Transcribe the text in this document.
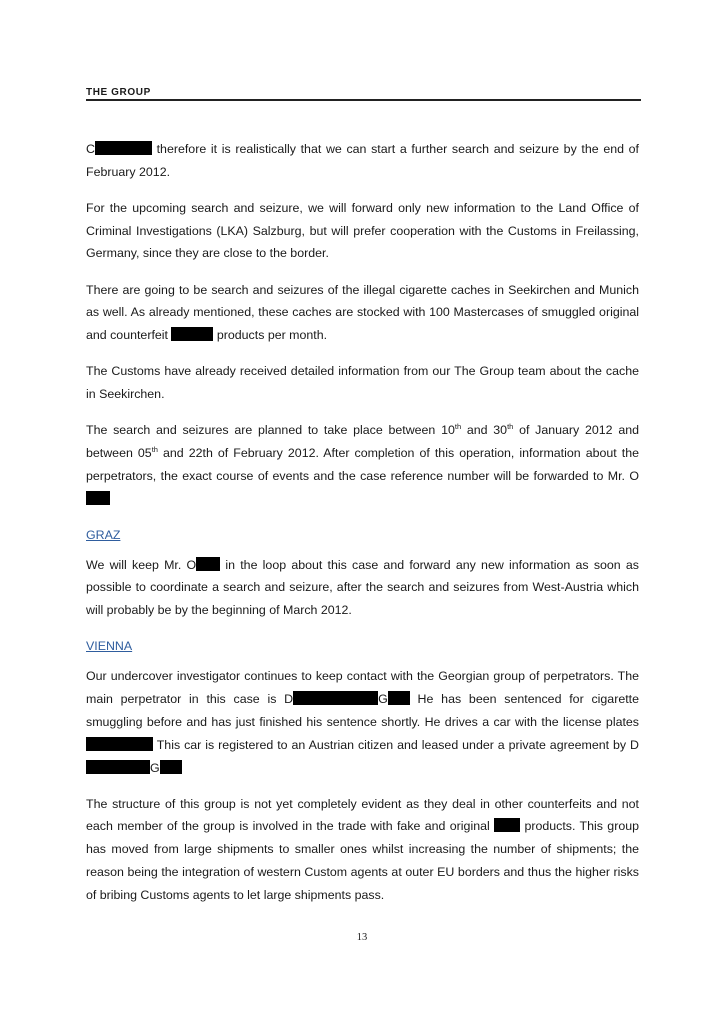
THE GROUP

C	therefore it is realistically that we can start a further search and seizure by the end of February 2012.

For the upcoming search and seizure, we will forward only new information to the Land Office of Criminal Investigations (LKA) Salzburg, but will prefer cooperation with the Customs in Freilassing, Germany, since they are close to the border.

There are going to be search and seizures of the illegal cigarette caches in Seekirchen and Munich as well. As already mentioned, these caches are stocked with 100 Mastercases of smuggled original and counterfeit	products per month.

The Customs have already received detailed information from our The Group team about the cache in Seekirchen.

The search and seizures are planned to take place between 10th and 30th of January 2012 and between 05th and 22th of February 2012. After completion of this operation, information about the perpetrators, the exact course of events and the case reference number will be forwarded to Mr. O

GRAZ

We will keep Mr. O in the loop about this case and forward any new information as soon as possible to coordinate a search and seizure, after the search and seizures from West-Austria which will probably be by the beginning of March 2012.

VIENNA

Our undercover investigator continues to keep contact with the Georgian group of perpetrators. The main perpetrator in this case is D	G He has been sentenced for cigarette smuggling before and has just finished his sentence shortly. He drives a car with the license plates  This car is registered to an Austrian citizen and leased under a private agreement by DG

The structure of this group is not yet completely evident as they deal in other counterfeits and not each member of the group is involved in the trade with fake and original  products. This group has moved from large shipments to smaller ones whilst increasing the number of shipments; the reason being the integration of western Custom agents at outer EU borders and thus the higher risks of bribing Customs agents to let large shipments pass.

13
